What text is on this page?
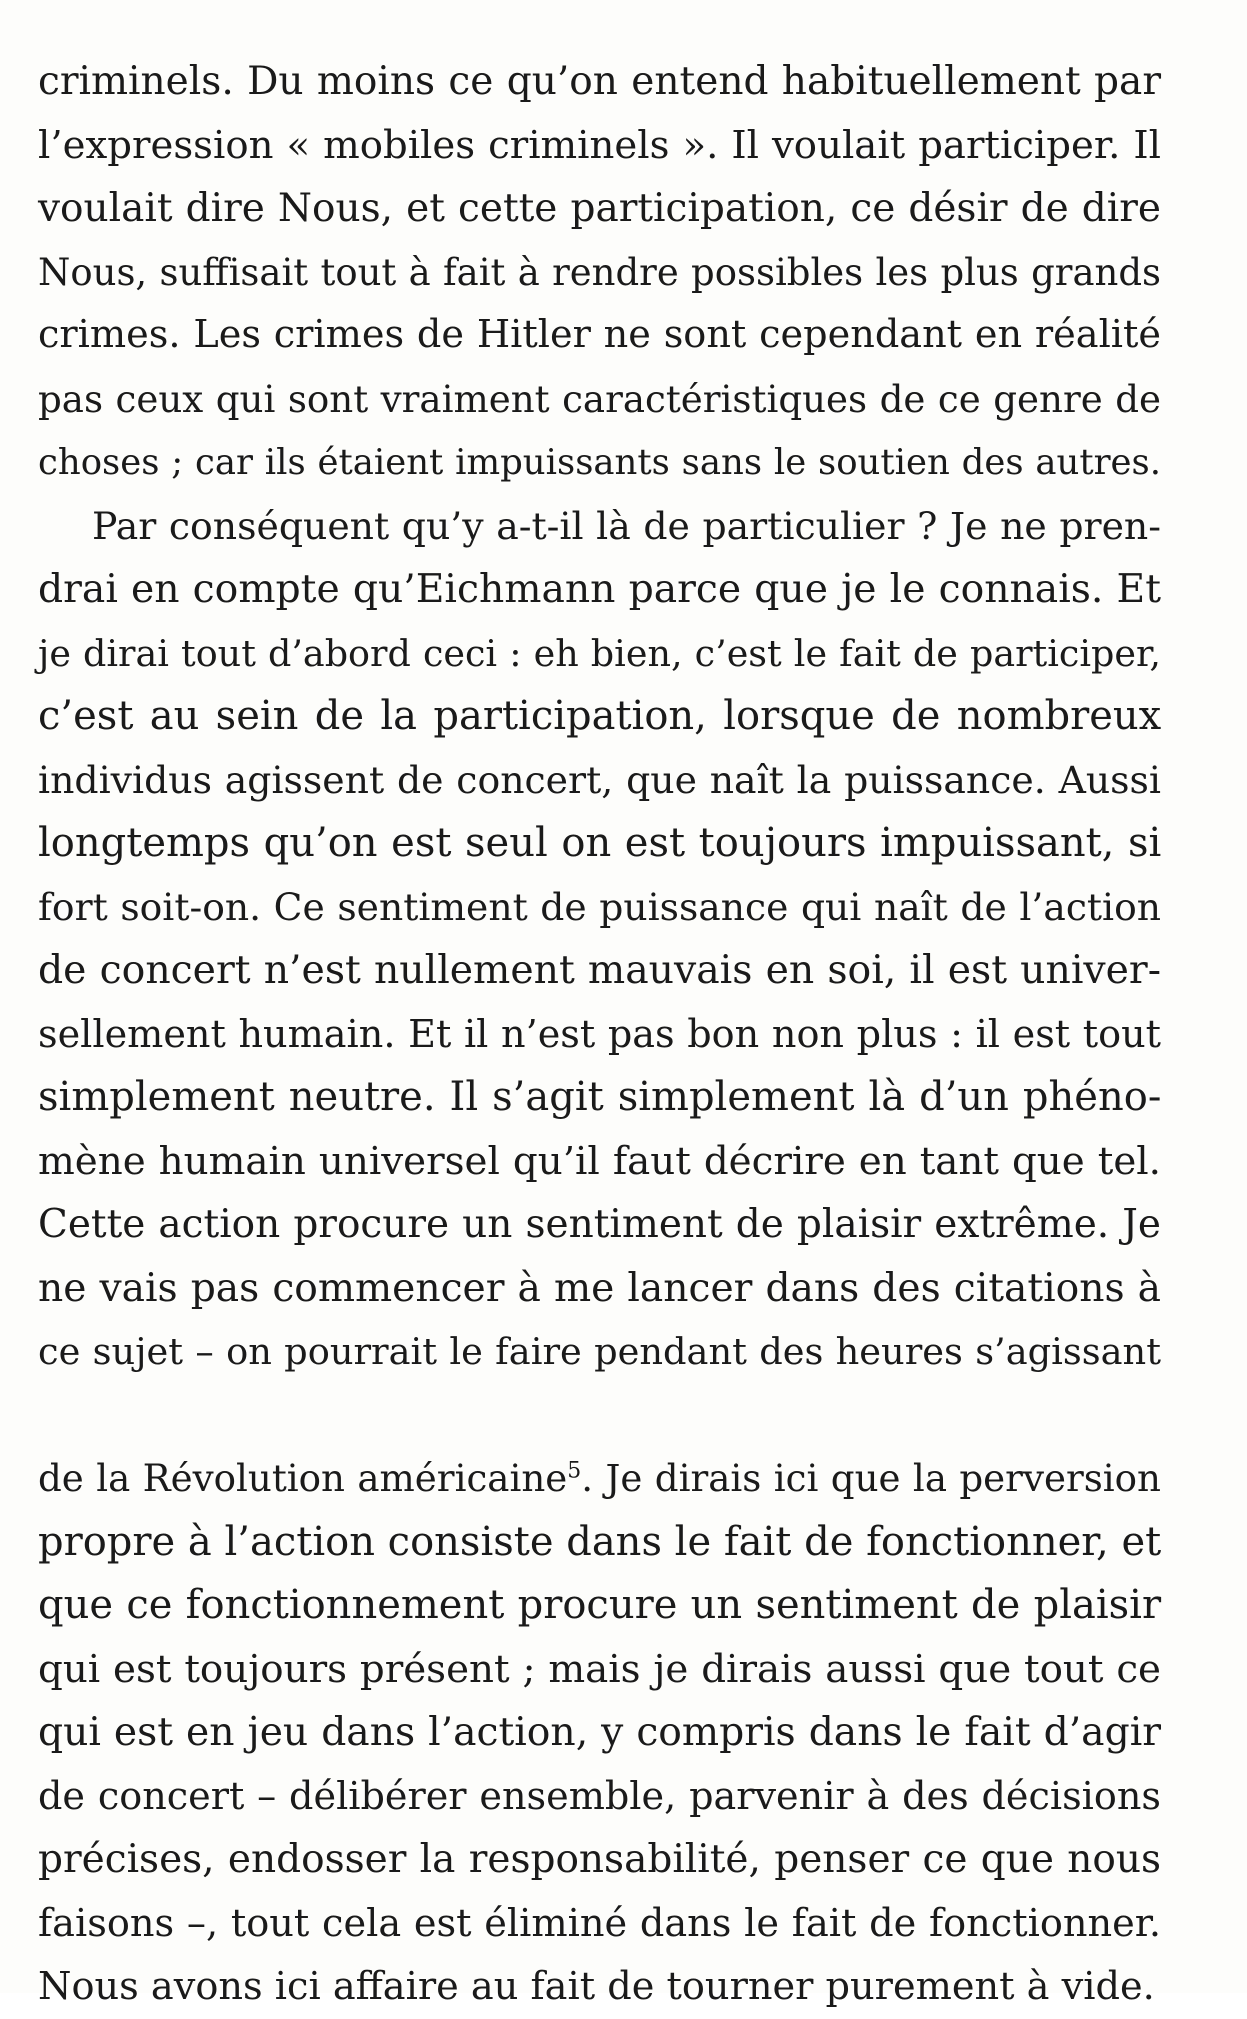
criminels. Du moins ce qu’on entend habituellement par
l’expression « mobiles criminels ». Il voulait participer. Il
voulait dire Nous, et cette participation, ce désir de dire
Nous, suffisait tout à fait à rendre possibles les plus grands
crimes. Les crimes de Hitler ne sont cependant en réalité
pas ceux qui sont vraiment caractéristiques de ce genre de
choses ; car ils étaient impuissants sans le soutien des autres.
Par conséquent qu’y a-t-il là de particulier ? Je ne pren-
drai en compte qu’Eichmann parce que je le connais. Et
je dirai tout d’abord ceci : eh bien, c’est le fait de participer,
c’est au sein de la participation, lorsque de nombreux
individus agissent de concert, que naît la puissance. Aussi
longtemps qu’on est seul on est toujours impuissant, si
fort soit-on. Ce sentiment de puissance qui naît de l’action
de concert n’est nullement mauvais en soi, il est univer-
sellement humain. Et il n’est pas bon non plus : il est tout
simplement neutre. Il s’agit simplement là d’un phéno-
mène humain universel qu’il faut décrire en tant que tel.
Cette action procure un sentiment de plaisir extrême. Je
ne vais pas commencer à me lancer dans des citations à
ce sujet – on pourrait le faire pendant des heures s’agissant
de la Révolution américaine$^5$. Je dirais ici que la perversion
propre à l’action consiste dans le fait de fonctionner, et
que ce fonctionnement procure un sentiment de plaisir
qui est toujours présent ; mais je dirais aussi que tout ce
qui est en jeu dans l’action, y compris dans le fait d’agir
de concert – délibérer ensemble, parvenir à des décisions
précises, endosser la responsabilité, penser ce que nous
faisons –, tout cela est éliminé dans le fait de fonctionner.
Nous avons ici affaire au fait de tourner purement à vide.
